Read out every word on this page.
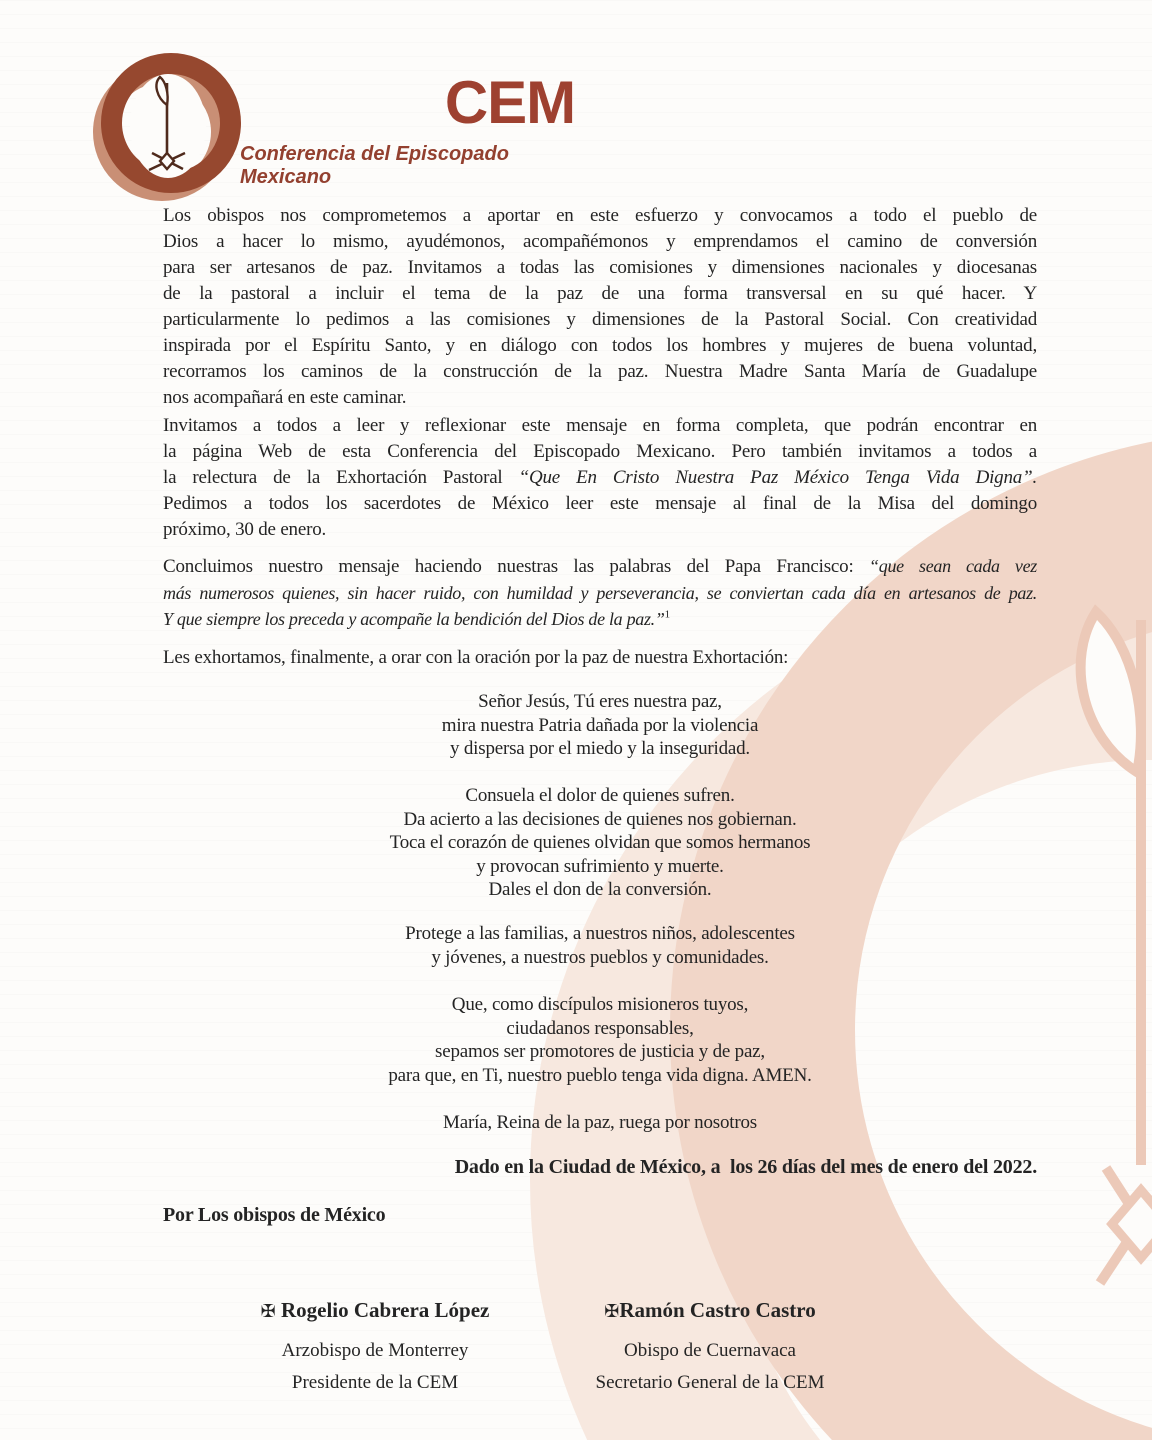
CEM
Conferencia del Episcopado Mexicano
Los obispos nos comprometemos a aportar en este esfuerzo y convocamos a todo el pueblo de
Dios a hacer lo mismo, ayudémonos, acompañémonos y emprendamos el camino de conversión
para ser artesanos de paz. Invitamos a todas las comisiones y dimensiones nacionales y diocesanas
de la pastoral a incluir el tema de la paz de una forma transversal en su qué hacer. Y
particularmente lo pedimos a las comisiones y dimensiones de la Pastoral Social. Con creatividad
inspirada por el Espíritu Santo, y en diálogo con todos los hombres y mujeres de buena voluntad,
recorramos los caminos de la construcción de la paz. Nuestra Madre Santa María de Guadalupe
nos acompañará en este caminar.
Invitamos a todos a leer y reflexionar este mensaje en forma completa, que podrán encontrar en
la página Web de esta Conferencia del Episcopado Mexicano. Pero también invitamos a todos a
la relectura de la Exhortación Pastoral “Que En Cristo Nuestra Paz México Tenga Vida Digna”.
Pedimos a todos los sacerdotes de México leer este mensaje al final de la Misa del domingo
próximo, 30 de enero.
Concluimos nuestro mensaje haciendo nuestras las palabras del Papa Francisco: “que sean cada vez
más numerosos quienes, sin hacer ruido, con humildad y perseverancia, se conviertan cada día en artesanos de paz.
Y que siempre los preceda y acompañe la bendición del Dios de la paz.”$^1$
Les exhortamos, finalmente, a orar con la oración por la paz de nuestra Exhortación:
Señor Jesús, Tú eres nuestra paz,
mira nuestra Patria dañada por la violencia
y dispersa por el miedo y la inseguridad.
Consuela el dolor de quienes sufren.
Da acierto a las decisiones de quienes nos gobiernan.
Toca el corazón de quienes olvidan que somos hermanos
y provocan sufrimiento y muerte.
Dales el don de la conversión.
Protege a las familias, a nuestros niños, adolescentes
y jóvenes, a nuestros pueblos y comunidades.
Que, como discípulos misioneros tuyos,
ciudadanos responsables,
sepamos ser promotores de justicia y de paz,
para que, en Ti, nuestro pueblo tenga vida digna. AMEN.
María, Reina de la paz, ruega por nosotros
Dado en la Ciudad de México, a  los 26 días del mes de enero del 2022.
Por Los obispos de México
✠ Rogelio Cabrera López
Arzobispo de Monterrey
Presidente de la CEM
✠Ramón Castro Castro
Obispo de Cuernavaca
Secretario General de la CEM
